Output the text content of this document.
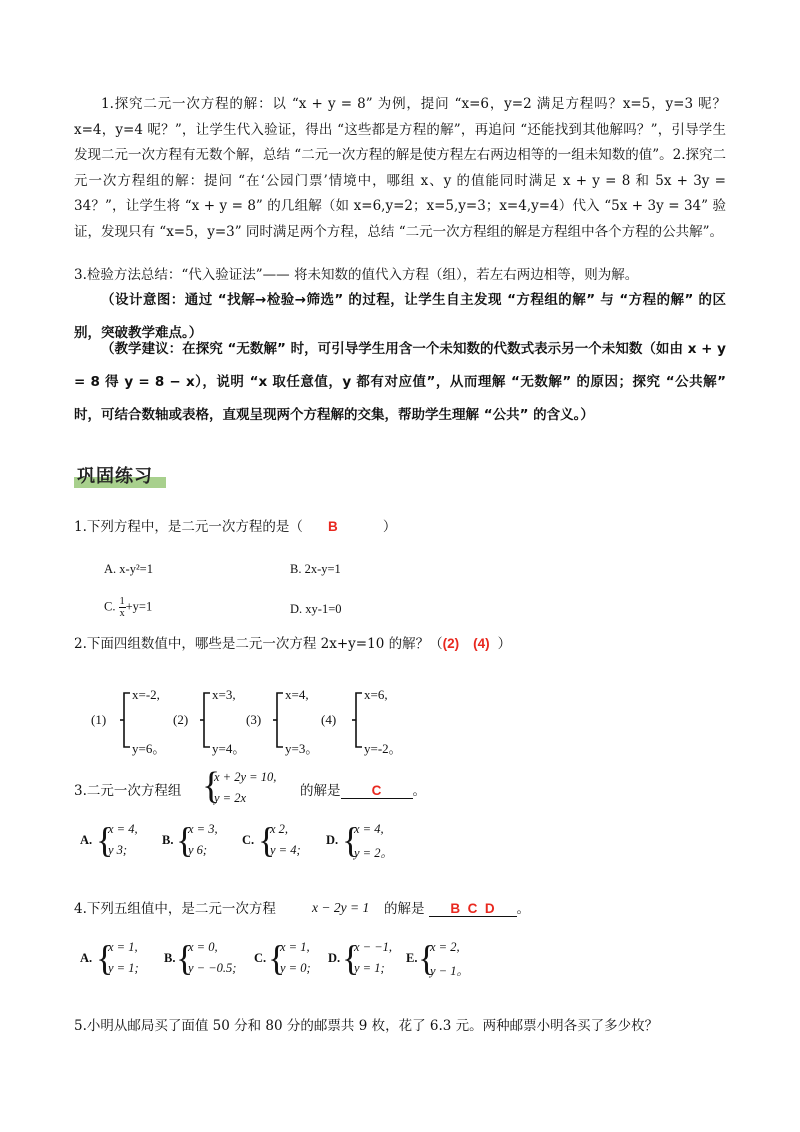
1.探究二元一次方程的解：以 “x + y = 8” 为例，提问 “x=6，y=2 满足方程吗？x=5，y=3 呢？x=4，y=4 呢？”，让学生代入验证，得出 “这些都是方程的解”，再追问 “还能找到其他解吗？”，引导学生发现二元一次方程有无数个解，总结 “二元一次方程的解是使方程左右两边相等的一组未知数的值”。2.探究二元一次方程组的解：提问 “在‘公园门票’情境中，哪组 x、y 的值能同时满足 x + y = 8 和 5x + 3y = 34？”，让学生将 “x + y = 8” 的几组解（如 x=6,y=2；x=5,y=3；x=4,y=4）代入 “5x + 3y = 34” 验证，发现只有 “x=5，y=3” 同时满足两个方程，总结 “二元一次方程组的解是方程组中各个方程的公共解”。
3.检验方法总结：“代入验证法”—— 将未知数的值代入方程（组），若左右两边相等，则为解。
（设计意图：通过 “找解→检验→筛选” 的过程，让学生自主发现 “方程组的解” 与 “方程的解” 的区别，突破教学难点。）
（教学建议：在探究 “无数解” 时，可引导学生用含一个未知数的代数式表示另一个未知数（如由 x + y = 8 得 y = 8 − x），说明 “x 取任意值，y 都有对应值”，从而理解 “无数解” 的原因；探究 “公共解” 时，可结合数轴或表格，直观呈现两个方程解的交集，帮助学生理解 “公共” 的含义。）
巩固练习
1.下列方程中，是二元一次方程的是（ B	）
A. x-y²=1	B. 2x-y=1
C. $\frac{1}{x} +y=1$	D. xy-1=0
2.下面四组数值中，哪些是二元一次方程 2x+y=10 的解？（(2) (4) ）
(1)
x=-2,
y=6。
(2)
x=3,
y=4。
(3)
x=4,
y=3。
(4)
x=6,
y=-2。
3.二元一次方程组 {
x + 2y = 10,
y = 2x	的解是 C 。
A. {
x = 4,
y 3;
B. {
x = 3,
y 6;
C. {
x 2,
y = 4;
D. {
x = 4,
y = 2。
4.下列五组值中，是二元一次方程	x − 2y = 1 的解是 B  C  D 。
A. {
x = 1,
y = 1;
B. {
x = 0,
y − −0.5;
C. {
x = 1,
y = 0;
D. {
x − −1,
y = 1;
E. {
x = 2,
y − 1。
5.小明从邮局买了面值 50 分和 80 分的邮票共 9 枚，花了 6.3 元。两种邮票小明各买了多少枚？
